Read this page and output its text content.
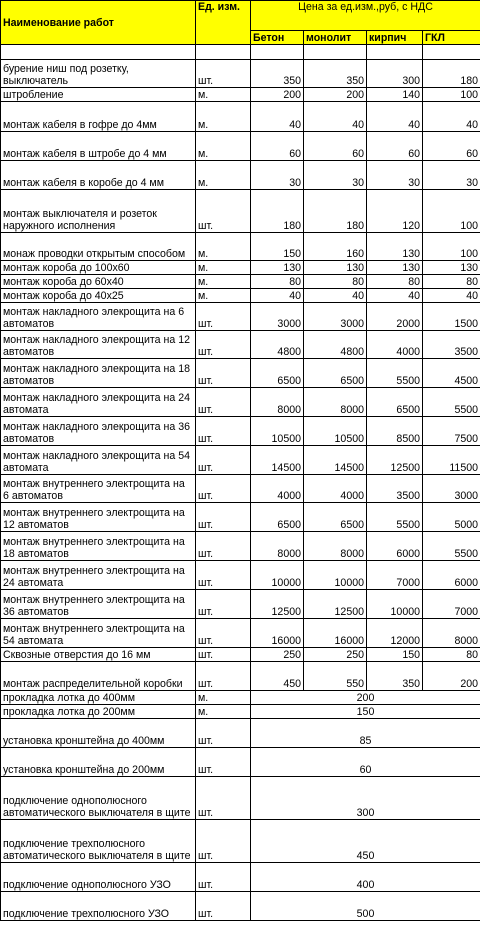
Наименование работ	Ед. изм.	Цена за ед.изм.,руб, с НДС			
		Бетон	монолит	кирпич	ГКЛ

бурение ниш под розетку, выключатель	шт.	350	350	300	180
штробление	м.	200	200	140	100
монтаж кабеля в гофре до 4мм	м.	40	40	40	40
монтаж кабеля в штробе до 4 мм	м.	60	60	60	60
монтаж кабеля в коробе до 4 мм	м.	30	30	30	30
монтаж выключателя и розеток наружного исполнения	шт.	180	180	120	100
монаж проводки открытым способом	м.	150	160	130	100
монтаж короба до 100х60	м.	130	130	130	130
монтаж короба до 60х40	м.	80	80	80	80
монтаж короба до 40х25	м.	40	40	40	40
монтаж накладного элекрощита на 6 автоматов	шт.	3000	3000	2000	1500
монтаж накладного элекрощита на 12 автоматов	шт.	4800	4800	4000	3500
монтаж накладного элекрощита на 18 автоматов	шт.	6500	6500	5500	4500
монтаж накладного элекрощита на 24 автомата	шт.	8000	8000	6500	5500
монтаж накладного элекрощита на 36 автоматов	шт.	10500	10500	8500	7500
монтаж накладного элекрощита на 54 автомата	шт.	14500	14500	12500	11500
монтаж внутреннего электрощита на 6 автоматов	шт.	4000	4000	3500	3000
монтаж внутреннего электрощита на 12 автоматов	шт.	6500	6500	5500	5000
монтаж внутреннего электрощита на 18 автоматов	шт.	8000	8000	6000	5500
монтаж внутреннего электрощита на 24 автомата	шт.	10000	10000	7000	6000
монтаж внутреннего электрощита на 36 автоматов	шт.	12500	12500	10000	7000
монтаж внутреннего электрощита на 54 автомата	шт.	16000	16000	12000	8000
Сквозные отверстия до 16 мм	шт.	250	250	150	80
монтаж распределительной коробки	шт.	450	550	350	200
прокладка лотка до 400мм	м.	200			
прокладка лотка до 200мм	м.	150			
установка кронштейна до 400мм	шт.	85			
установка кронштейна до 200мм	шт.	60			
подключение однополюсного автоматического выключателя в щите	шт.	300			
подключение трехполюсного автоматического выключателя в щите	шт.	450			
подключение однополюсного УЗО	шт.	400			
подключение трехполюсного УЗО	шт.	500			
